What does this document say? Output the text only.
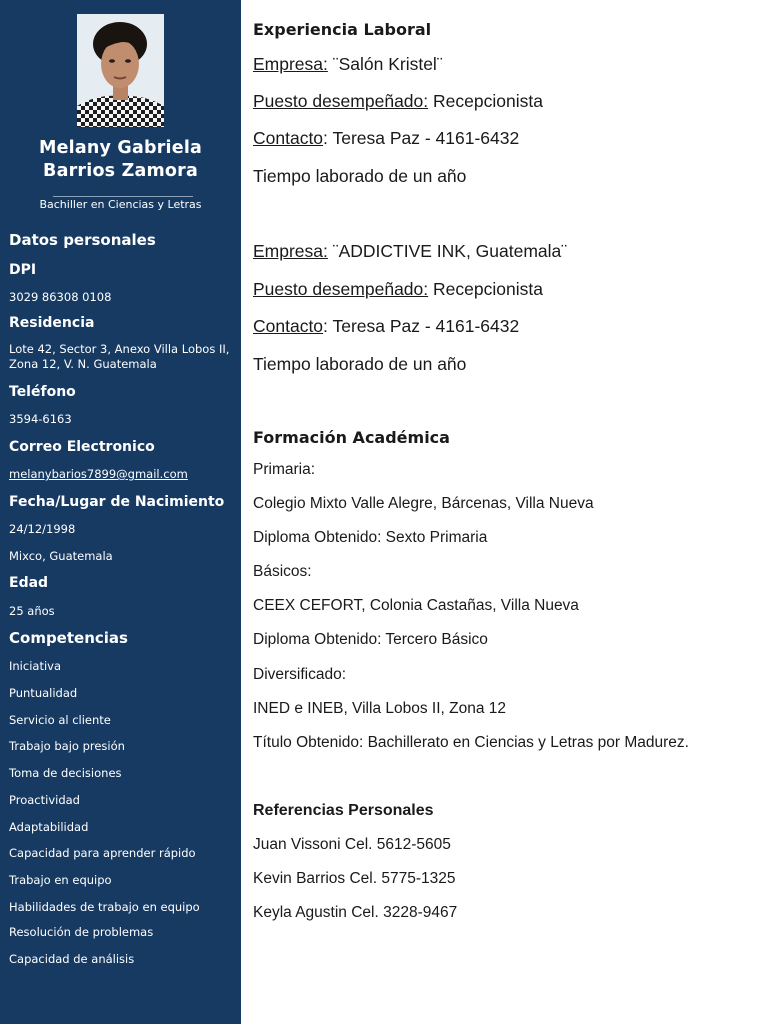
Melany Gabriela
Barrios Zamora
Bachiller en Ciencias y Letras
Datos personales
DPI
3029 86308 0108
Residencia
Lote 42, Sector 3, Anexo Villa Lobos II, Zona 12, V. N. Guatemala
Teléfono
3594-6163
Correo Electronico
melanybarios7899@gmail.com
Fecha/Lugar de Nacimiento
24/12/1998
Mixco, Guatemala
Edad
25 años
Competencias
Iniciativa
Puntualidad
Servicio al cliente
Trabajo bajo presión
Toma de decisiones
Proactividad
Adaptabilidad
Capacidad para aprender rápido
Trabajo en equipo
Habilidades de trabajo en equipo
Resolución de problemas
Capacidad de análisis
Experiencia Laboral
Empresa: ¨Salón Kristel¨
Puesto desempeñado: Recepcionista
Contacto: Teresa Paz - 4161-6432
Tiempo laborado de un año
Empresa: ¨ADDICTIVE INK, Guatemala¨
Puesto desempeñado: Recepcionista
Contacto: Teresa Paz - 4161-6432
Tiempo laborado de un año
Formación Académica
Primaria:
Colegio Mixto Valle Alegre, Bárcenas, Villa Nueva
Diploma Obtenido: Sexto Primaria
Básicos:
CEEX CEFORT, Colonia Castañas, Villa Nueva
Diploma Obtenido: Tercero Básico
Diversificado:
INED e INEB, Villa Lobos II, Zona 12
Título Obtenido: Bachillerato en Ciencias y Letras por Madurez.
Referencias Personales
Juan Vissoni Cel. 5612-5605
Kevin Barrios Cel. 5775-1325
Keyla Agustin Cel. 3228-9467
